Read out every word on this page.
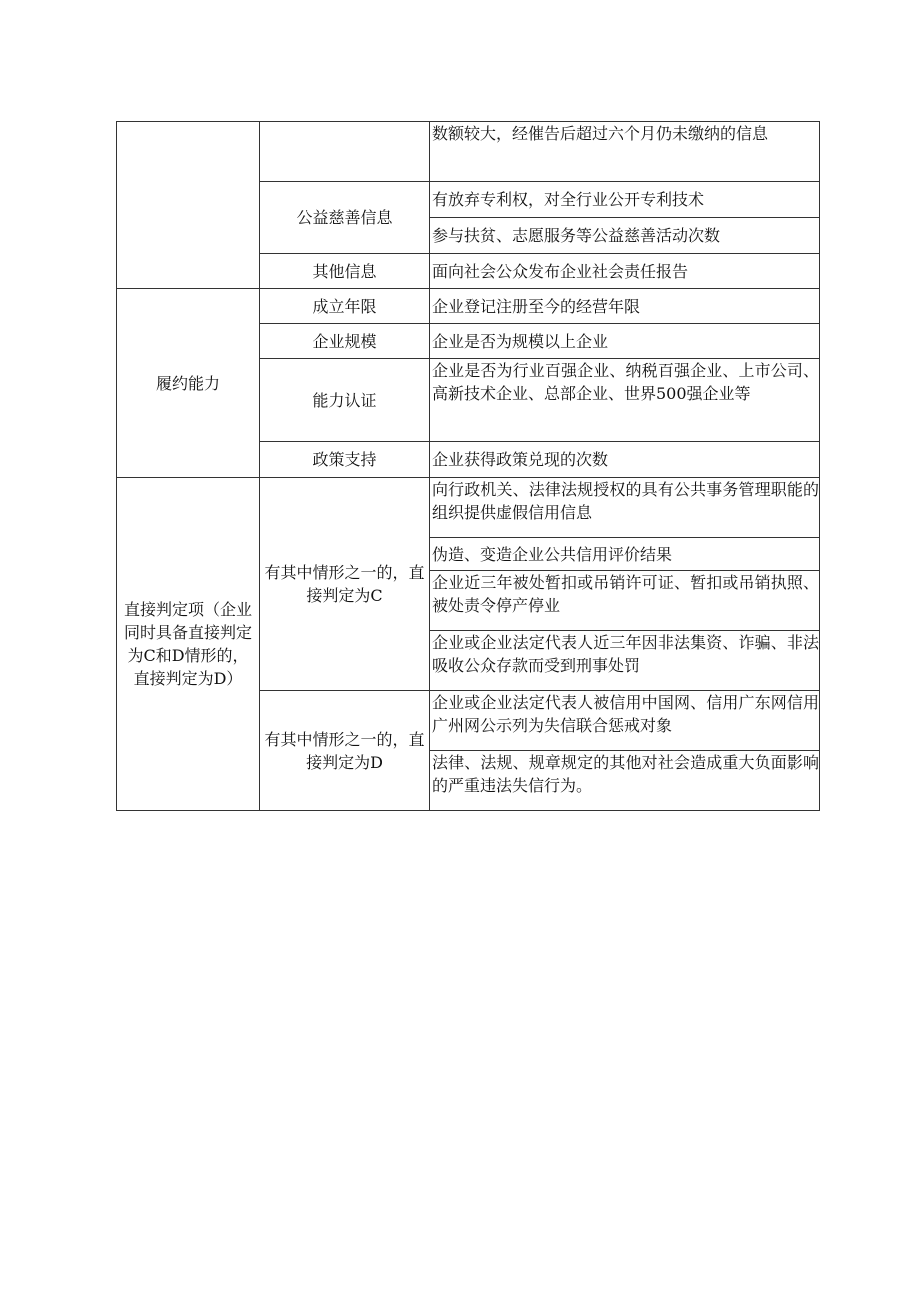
		数额较大，经催告后超过六个月仍未缴纳的信息

	公益慈善信息	有放弃专利权，对全行业公开专利技术

		参与扶贫、志愿服务等公益慈善活动次数

	其他信息	面向社会公众发布企业社会责任报告

履约能力	成立年限	企业登记注册至今的经营年限

	企业规模	企业是否为规模以上企业

	能力认证	企业是否为行业百强企业、纳税百强企业、上市公司、高新技术企业、总部企业、世界500强企业等

	政策支持	企业获得政策兑现的次数

直接判定项（企业同时具备直接判定为C和D情形的，直接判定为D）	有其中情形之一的，直接判定为C	向行政机关、法律法规授权的具有公共事务管理职能的组织提供虚假信用信息

		伪造、变造企业公共信用评价结果

		企业近三年被处暂扣或吊销许可证、暂扣或吊销执照、被处责令停产停业

		企业或企业法定代表人近三年因非法集资、诈骗、非法吸收公众存款而受到刑事处罚

	有其中情形之一的，直接判定为D	企业或企业法定代表人被信用中国网、信用广东网信用广州网公示列为失信联合惩戒对象

		法律、法规、规章规定的其他对社会造成重大负面影响的严重违法失信行为。
